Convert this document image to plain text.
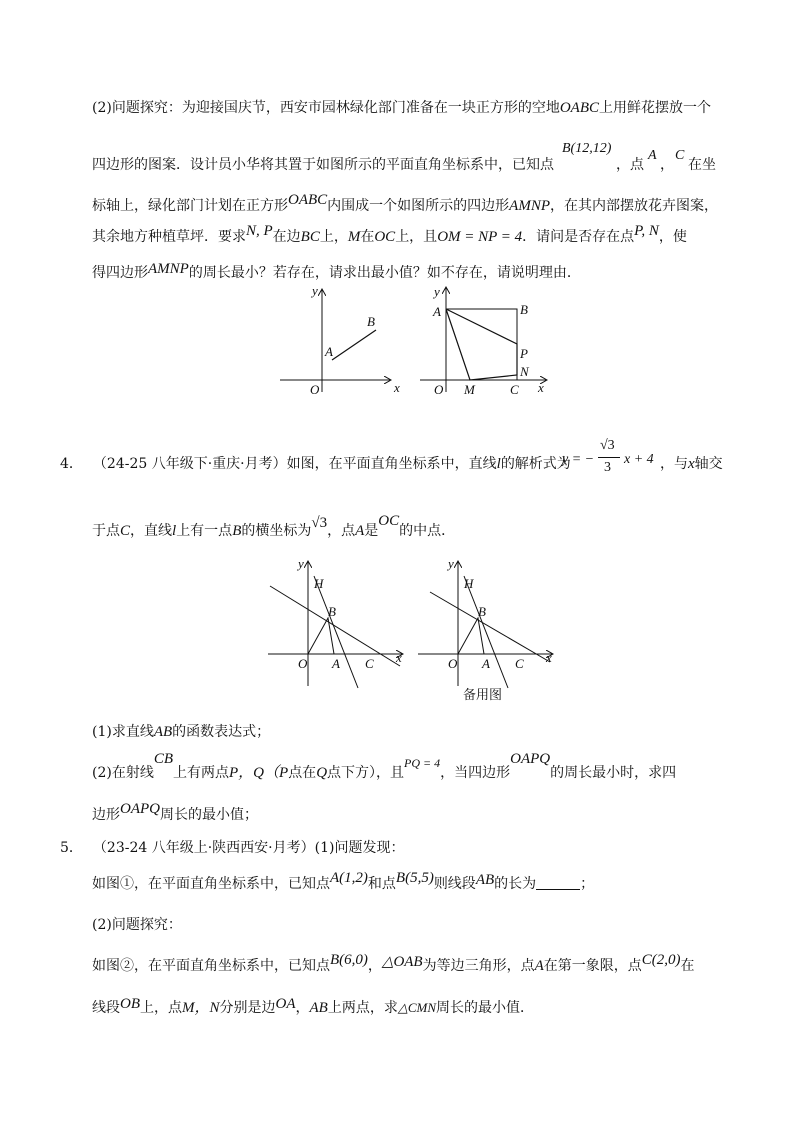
(2)问题探究：为迎接国庆节，西安市园林绿化部门准备在一块正方形的空地OABC上用鲜花摆放一个
四边形的图案．设计员小华将其置于如图所示的平面直角坐标系中，已知点
B(12,12)
，点
A
，
C
在坐
标轴上，绿化部门计划在正方形OABC内围成一个如图所示的四边形AMNP，在其内部摆放花卉图案，
其余地方种植草坪．要求N, P在边BC上，M在OC上，且OM = NP = 4．请问是否存在点P, N，使
得四边形AMNP的周长最小？若存在，请求出最小值？如不存在，请说明理由．
y
x
O
A
B
y
x
O
A	B
P
N
M	C
4． （24-25 八年级下·重庆·月考）如图，在平面直角坐标系中，直线l的解析式为
y = −
√3
3
x + 4 ，与x轴交
于点C，直线l上有一点B的横坐标为√3，点A是OC的中点．
y
x
O
H
B
A C
y
x
O
H
B
A C
备用图
(1)求直线AB的函数表达式；
(2)在射线CB上有两点P，Q（P点在Q点下方），且PQ = 4，当四边形OAPQ的周长最小时，求四
边形OAPQ周长的最小值；
5． （23-24 八年级上·陕西西安·月考）(1)问题发现：
如图①，在平面直角坐标系中，已知点A(1,2)和点B(5,5)则线段AB的长为	；
(2)问题探究：
如图②，在平面直角坐标系中，已知点B(6,0)，△OAB为等边三角形，点A在第一象限，点C(2,0)在
线段OB上，点M，N分别是边OA，AB上两点，求△CMN周长的最小值．
